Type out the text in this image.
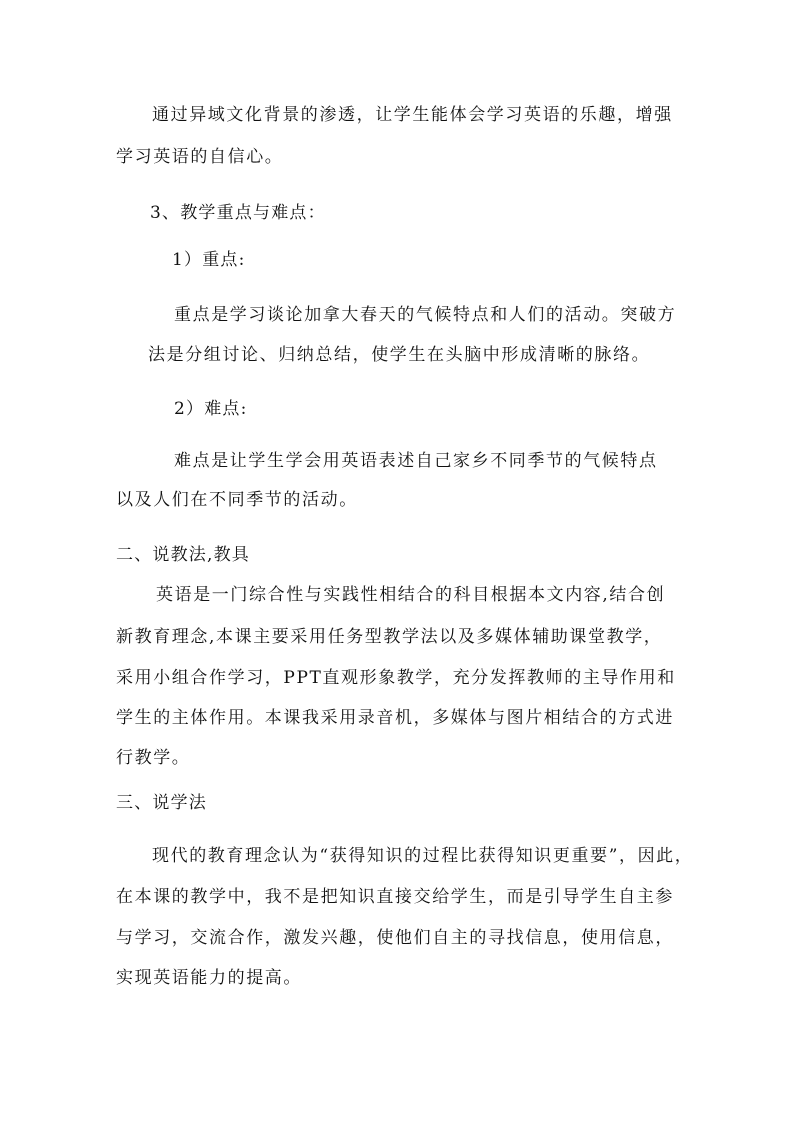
通过异域文化背景的渗透，让学生能体会学习英语的乐趣，增强
学习英语的自信心。
3、教学重点与难点：
1）重点:
重点是学习谈论加拿大春天的气候特点和人们的活动。突破方
法是分组讨论、归纳总结，使学生在头脑中形成清晰的脉络。
2）难点:
难点是让学生学会用英语表述自己家乡不同季节的气候特点
以及人们在不同季节的活动。
二、说教法,教具
英语是一门综合性与实践性相结合的科目根据本文内容,结合创
新教育理念,本课主要采用任务型教学法以及多媒体辅助课堂教学，
采用小组合作学习，PPT直观形象教学，充分发挥教师的主导作用和
学生的主体作用。本课我采用录音机，多媒体与图片相结合的方式进
行教学。
三、说学法
现代的教育理念认为“获得知识的过程比获得知识更重要”，因此，
在本课的教学中，我不是把知识直接交给学生，而是引导学生自主参
与学习，交流合作，激发兴趣，使他们自主的寻找信息，使用信息，
实现英语能力的提高。
